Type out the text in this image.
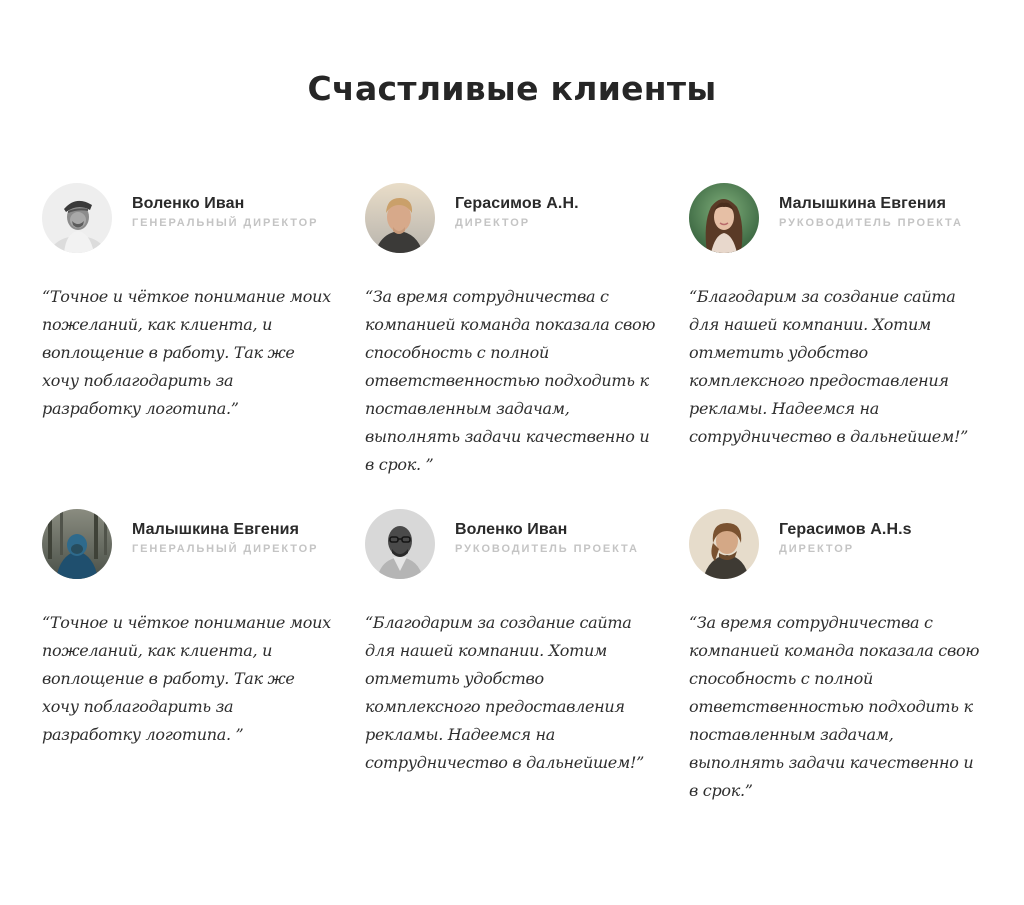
Счастливые клиенты
Воленко Иван
ГЕНЕРАЛЬНЫЙ ДИРЕКТОР
“Точное и чёткое понимание моих пожеланий, как клиента, и воплощение в работу. Так же хочу поблагодарить за разработку логотипа.”
Герасимов А.Н.
ДИРЕКТОР
“За время сотрудничества с компанией команда показала свою способность с полной ответственностью подходить к поставленным задачам, выполнять задачи качественно и в срок. ”
Малышкина Евгения
РУКОВОДИТЕЛЬ ПРОЕКТА
“Благодарим за создание сайта для нашей компании. Хотим отметить удобство комплексного предоставления рекламы. Надеемся на сотрудничество в дальнейшем!”
Малышкина Евгения
ГЕНЕРАЛЬНЫЙ ДИРЕКТОР
“Точное и чёткое понимание моих пожеланий, как клиента, и воплощение в работу. Так же хочу поблагодарить за разработку логотипа. ”
Воленко Иван
РУКОВОДИТЕЛЬ ПРОЕКТА
“Благодарим за создание сайта для нашей компании. Хотим отметить удобство комплексного предоставления рекламы. Надеемся на сотрудничество в дальнейшем!”
Герасимов А.Н.s
ДИРЕКТОР
“За время сотрудничества с компанией команда показала свою способность с полной ответственностью подходить к поставленным задачам, выполнять задачи качественно и в срок.”
